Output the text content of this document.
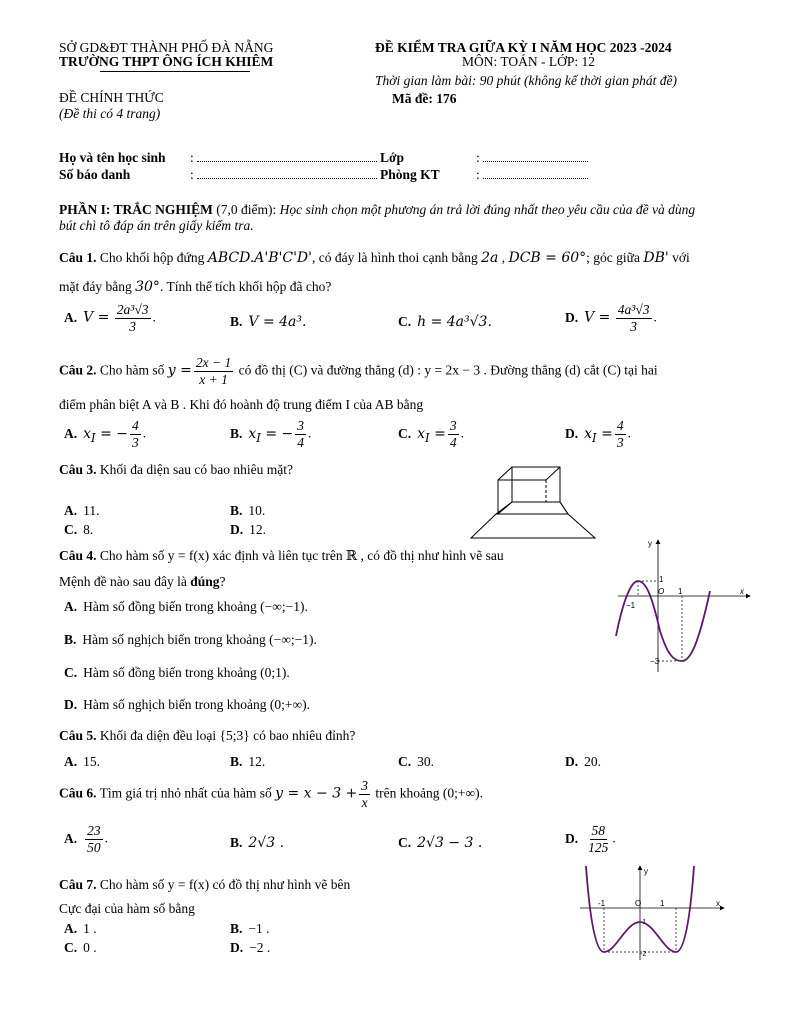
SỞ GD&ĐT THÀNH PHỐ ĐÀ NẴNG
TRƯỜNG THPT ÔNG ÍCH KHIÊM
ĐỀ CHÍNH THỨC
(Đề thi có 4 trang)
ĐỀ KIỂM TRA GIỮA KỲ I NĂM HỌC 2023 -2024
MÔN: TOÁN - LỚP: 12
Thời gian làm bài: 90 phút (không kể thời gian phát đề)
Mã đề: 176
Họ và tên học sinh :	Lớp	:
Số báo danh	:	Phòng KT	:
PHẦN I: TRẮC NGHIỆM (7,0 điểm): Học sinh chọn một phương án trả lời đúng nhất theo yêu cầu của đề và dùng
bút chì tô đáp án trên giấy kiểm tra.
Câu 1. Cho khối hộp đứng ABCD.A'B'C'D', có đáy là hình thoi cạnh bằng 2a , DCB = 60°; góc giữa DB' với
mặt đáy bằng 30°. Tính thể tích khối hộp đã cho?
A. $V = \frac{\text{2a³√3}}{3}$ .	B. V = 4a³.	C. h = 4a³√3.	D. $V = \frac{\text{4a³√3}}{3}$ .
Câu 2. Cho hàm số $y = \frac{2x - 1}{x + 1}$ có đồ thị (C) và đường thẳng (d) : y = 2x − 3 . Đường thẳng (d) cắt (C) tại hai
điểm phân biệt A và B . Khi đó hoành độ trung điểm I của AB bằng
A. $x_I$ = − $\frac{4}{3}$ .	B. $x_I$ = − $\frac{3}{4}$ .	C. $x_I = \frac{3}{4}$ .	D. $x_I = \frac{4}{3}$ .
Câu 3. Khối đa diện sau có bao nhiêu mặt?
A. 11.	B. 10.
C. 8.	D. 12.
Câu 4. Cho hàm số y = f(x) xác định và liên tục trên ℝ , có đồ thị như hình vẽ sau
Mệnh đề nào sau đây là đúng?
A. Hàm số đồng biến trong khoảng (−∞;−1).
B. Hàm số nghịch biến trong khoảng (−∞;−1).
C. Hàm số đồng biến trong khoảng (0;1).
D. Hàm số nghịch biến trong khoảng (0;+∞).
y
x
O 1
−1
1
−3
Câu 5. Khối đa diện đều loại {5;3} có bao nhiêu đỉnh?
A. 15.	B. 12.	C. 30.	D. 20.
Câu 6. Tìm giá trị nhỏ nhất của hàm số $y = x - 3 + \frac{3}{x}$ trên khoảng (0;+∞).
A. $\frac{23}{50}$ .	B. 2√3 .	C. 2√3 − 3 .	D. $\frac{58}{125}$ .
Câu 7. Cho hàm số y = f(x) có đồ thị như hình vẽ bên
Cực đại của hàm số bằng
A. 1 .	B. −1 .
C. 0 .	D. −2 .
y
x
O 1
-1
-1
-2
